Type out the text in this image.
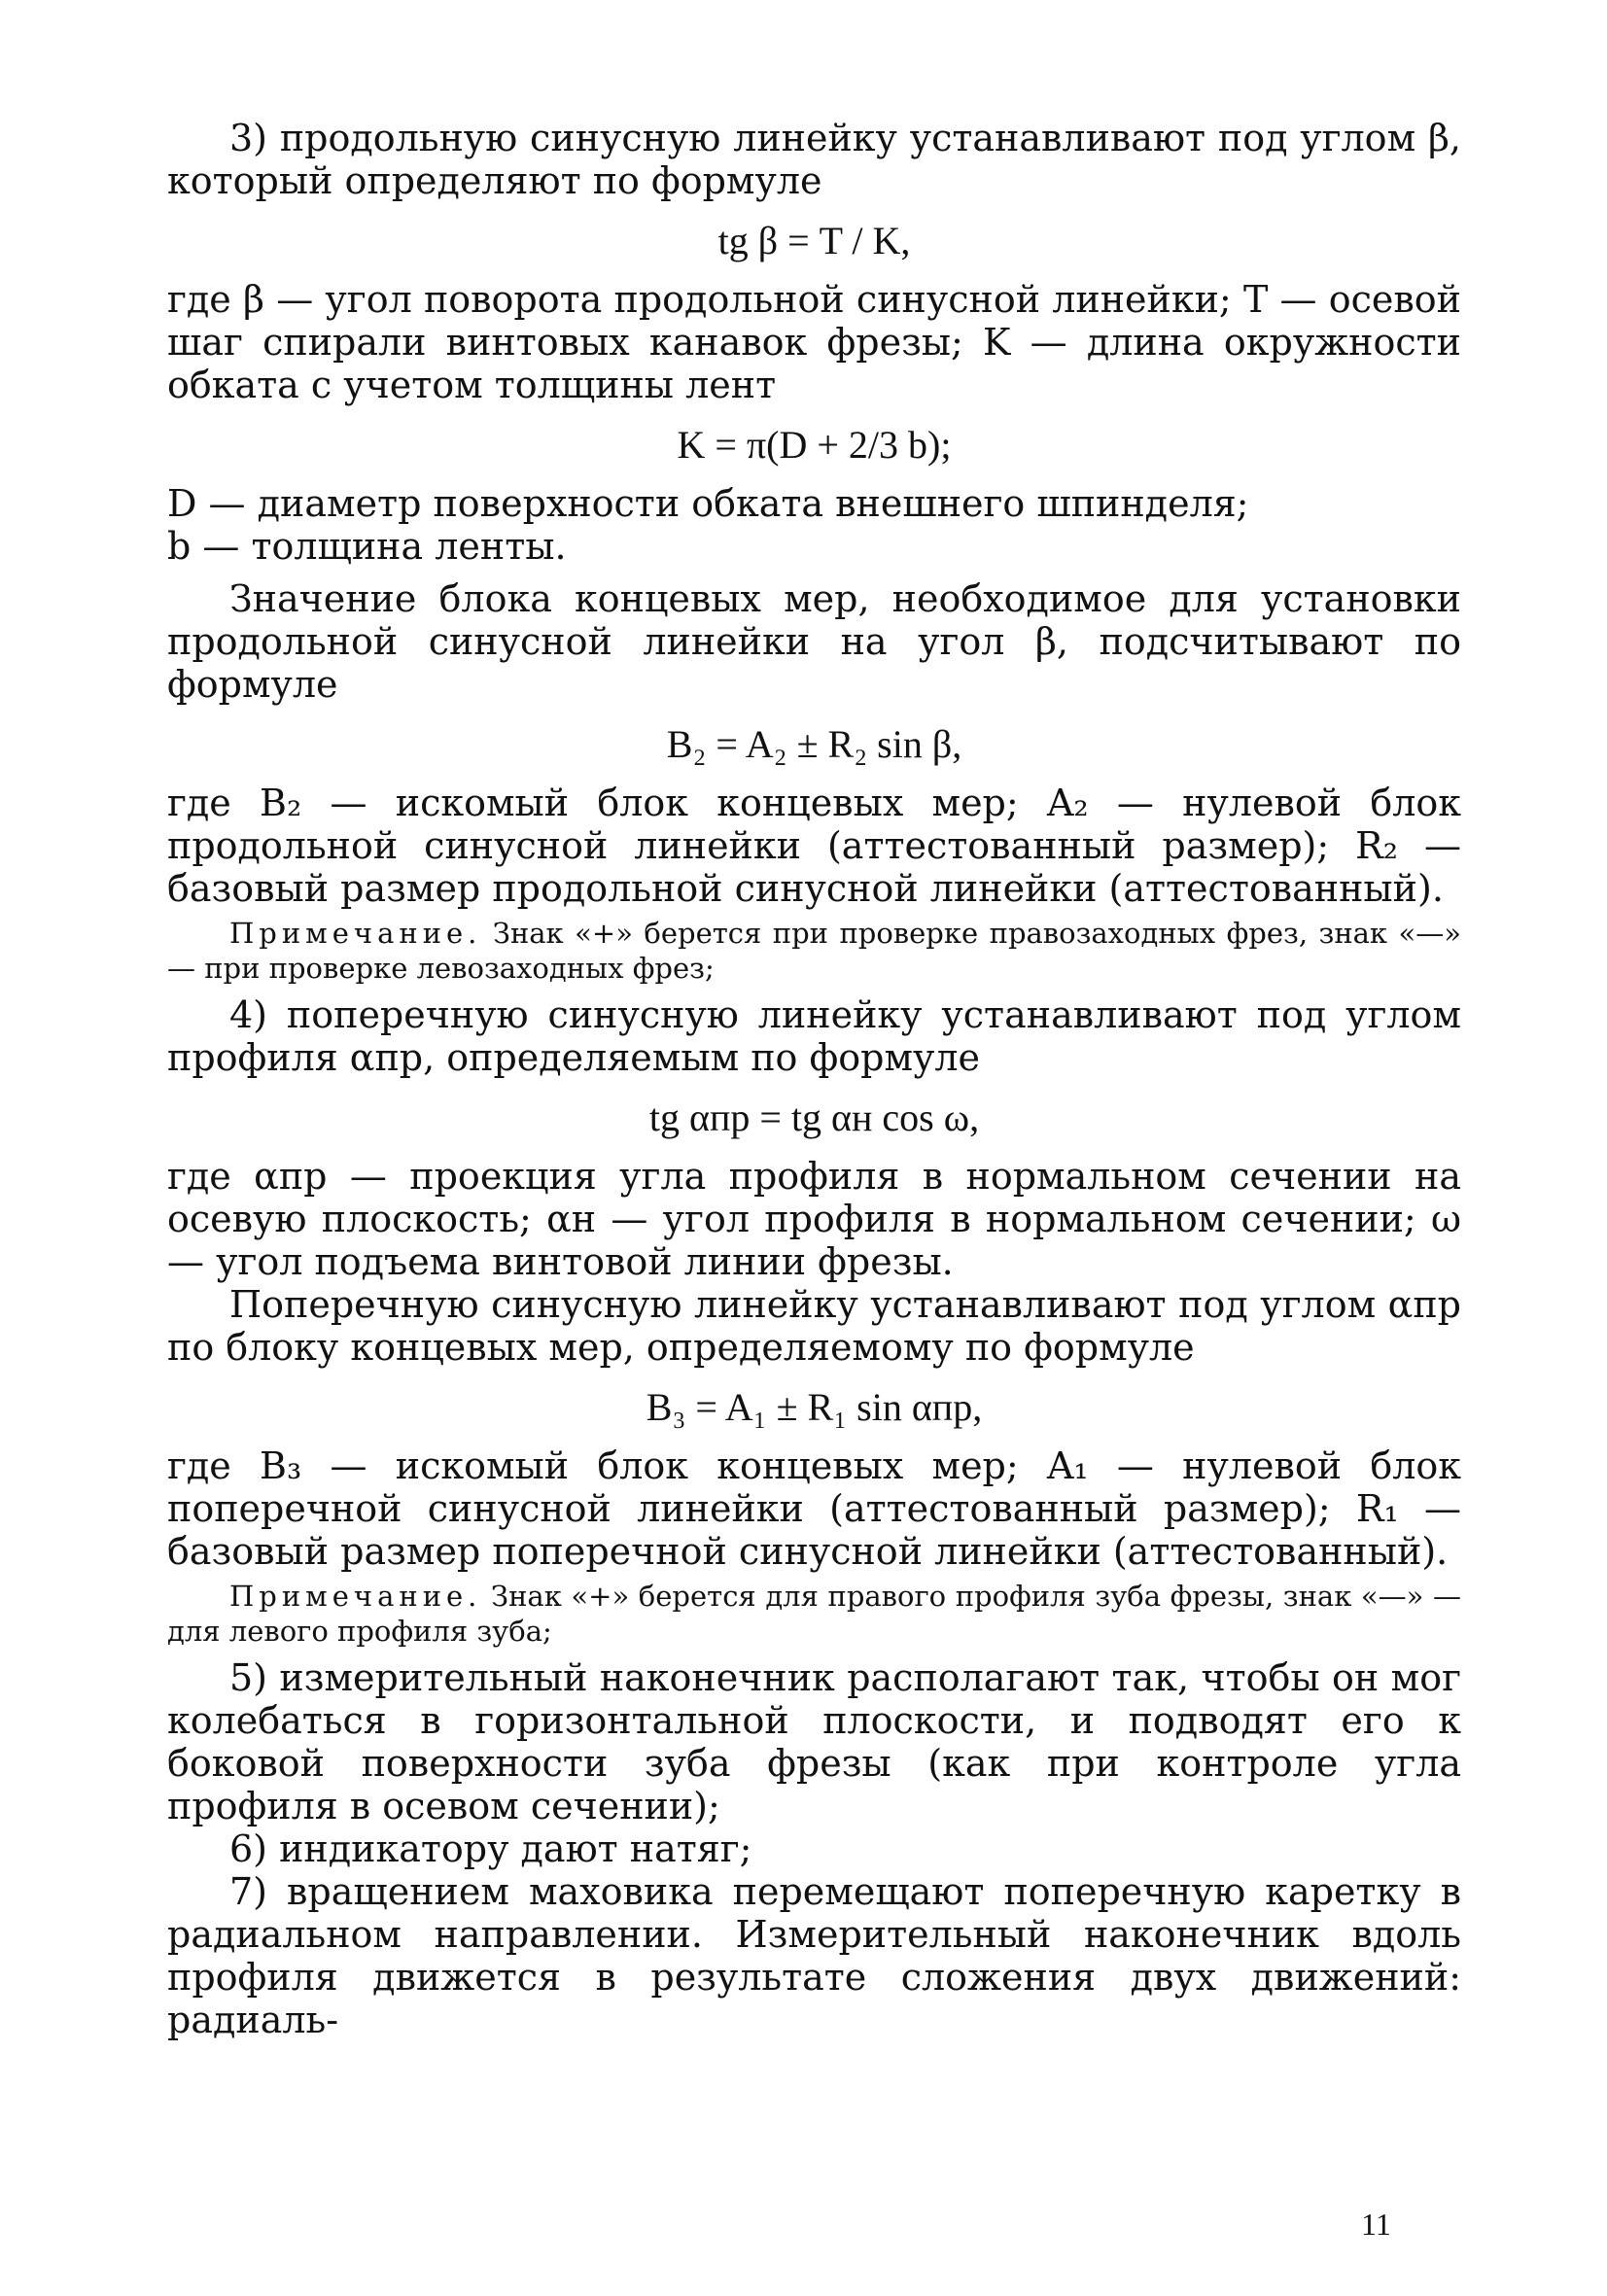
3) продольную синусную линейку устанавливают под углом β, который определяют по формуле

tg β = T / K,

где β — угол поворота продольной синусной линейки; T — осевой шаг спирали винтовых канавок фрезы; K — длина окружности обката с учетом толщины лент

K = π(D + 2/3 b);

D — диаметр поверхности обката внешнего шпинделя;

b — толщина ленты.

Значение блока концевых мер, необходимое для установки продольной синусной линейки на угол β, подсчитывают по формуле

B₂ = A₂ ± R₂ sin β,

где B₂ — искомый блок концевых мер; A₂ — нулевой блок продольной синусной линейки (аттестованный размер); R₂ — базовый размер продольной синусной линейки (аттестованный).

Примечание. Знак «+» берется при проверке правозаходных фрез, знак «—» — при проверке левозаходных фрез;

4) поперечную синусную линейку устанавливают под углом профиля αпр, определяемым по формуле

tg αпр = tg αн cos ω,

где αпр — проекция угла профиля в нормальном сечении на осевую плоскость; αн — угол профиля в нормальном сечении; ω — угол подъема винтовой линии фрезы.

Поперечную синусную линейку устанавливают под углом αпр по блоку концевых мер, определяемому по формуле

B₃ = A₁ ± R₁ sin αпр,

где B₃ — искомый блок концевых мер; A₁ — нулевой блок поперечной синусной линейки (аттестованный размер); R₁ — базовый размер поперечной синусной линейки (аттестованный).

Примечание. Знак «+» берется для правого профиля зуба фрезы, знак «—» — для левого профиля зуба;

5) измерительный наконечник располагают так, чтобы он мог колебаться в горизонтальной плоскости, и подводят его к боковой поверхности зуба фрезы (как при контроле угла профиля в осевом сечении);

6) индикатору дают натяг;

7) вращением маховика перемещают поперечную каретку в радиальном направлении. Измерительный наконечник вдоль профиля движется в результате сложения двух движений: радиаль-

11
